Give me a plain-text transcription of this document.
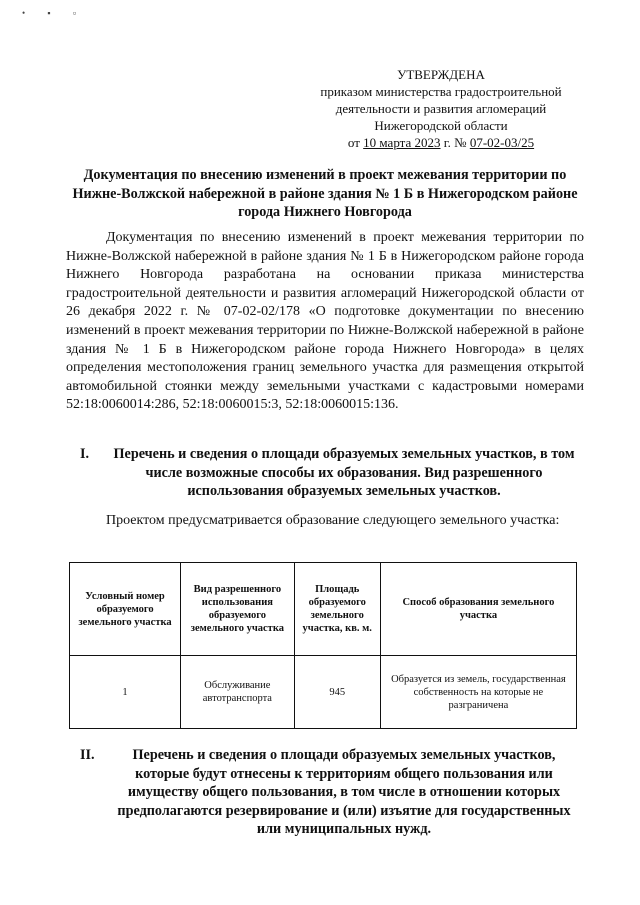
• ▪ ▫
УТВЕРЖДЕНА
приказом министерства градостроительной
деятельности и развития агломераций
Нижегородской области
от 10 марта 2023 г. № 07-02-03/25
Документация по внесению изменений в проект межевания территории по Нижне-Волжской набережной в районе здания № 1 Б в Нижегородском районе города Нижнего Новгорода
Документация по внесению изменений в проект межевания территории по Нижне-Волжской набережной в районе здания № 1 Б в Нижегородском районе города Нижнего Новгорода разработана на основании приказа министерства градостроительной деятельности и развития агломераций Нижегородской области от 26 декабря 2022 г. № 07-02-02/178 «О подготовке документации по внесению изменений в проект межевания территории по Нижне-Волжской набережной в районе здания № 1 Б в Нижегородском районе города Нижнего Новгорода» в целях определения местоположения границ земельного участка для размещения открытой автомобильной стоянки между земельными участками с кадастровыми номерами 52:18:0060014:286, 52:18:0060015:3, 52:18:0060015:136.
I.	Перечень и сведения о площади образуемых земельных участков, в том числе возможные способы их образования. Вид разрешенного использования образуемых земельных участков.
Проектом предусматривается образование следующего земельного участка:
Условный номер образуемого земельного участка	Вид разрешенного использования образуемого земельного участка	Площадь образуемого земельного участка, кв. м.	Способ образования земельного участка
1	Обслуживание автотранспорта	945	Образуется из земель, государственная собственность на которые не разграничена
II.	Перечень и сведения о площади образуемых земельных участков, которые будут отнесены к территориям общего пользования или имуществу общего пользования, в том числе в отношении которых предполагаются резервирование и (или) изъятие для государственных или муниципальных нужд.
